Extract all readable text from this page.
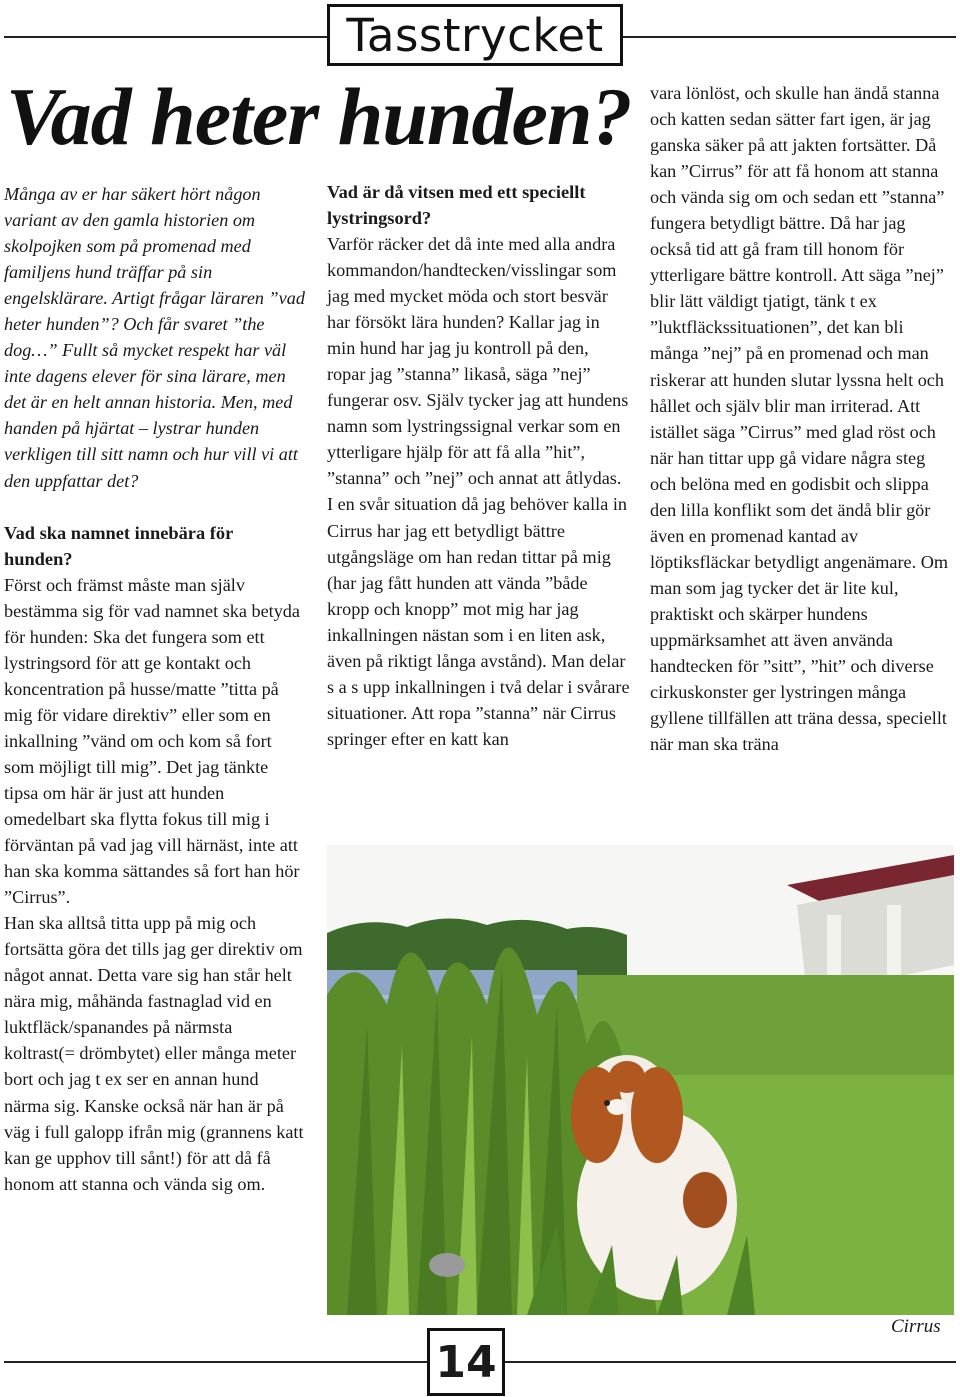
Tasstrycket
Vad heter hunden?

Många av er har säkert hört någon variant av den gamla historien om skolpojken som på promenad med familjens hund träffar på sin engelsklärare. Artigt frågar läraren ”vad heter hunden”? Och får svaret ”the dog…” Fullt så mycket respekt har väl inte dagens elever för sina lärare, men det är en helt annan historia. Men, med handen på hjärtat – lystrar hunden verkligen till sitt namn och hur vill vi att den uppfattar det?

Vad ska namnet innebära för hunden?

Först och främst måste man själv bestämma sig för vad namnet ska betyda för hunden: Ska det fungera som ett lystringsord för att ge kontakt och koncentration på husse/matte ”titta på mig för vidare direktiv” eller som en inkallning ”vänd om och kom så fort som möjligt till mig”. Det jag tänkte tipsa om här är just att hunden omedelbart ska flytta fokus till mig i förväntan på vad jag vill härnäst, inte att han ska komma sättandes så fort han hör ”Cirrus”.

Han ska alltså titta upp på mig och fortsätta göra det tills jag ger direktiv om något annat. Detta vare sig han står helt nära mig, måhända fastnaglad vid en luktfläck/spanandes på närmsta koltrast(= drömbytet) eller många meter bort och jag t ex ser en annan hund närma sig. Kanske också när han är på väg i full galopp ifrån mig (grannens katt kan ge upphov till sånt!) för att då få honom att stanna och vända sig om.

Vad är då vitsen med ett speciellt lystringsord?

Varför räcker det då inte med alla andra kommandon/handtecken/visslingar som jag med mycket möda och stort besvär har försökt lära hunden? Kallar jag in min hund har jag ju kontroll på den, ropar jag ”stanna” likaså, säga ”nej” fungerar osv. Själv tycker jag att hundens namn som lystringssignal verkar som en ytterligare hjälp för att få alla ”hit”, ”stanna” och ”nej” och annat att åtlydas. I en svår situation då jag behöver kalla in Cirrus har jag ett betydligt bättre utgångsläge om han redan tittar på mig (har jag fått hunden att vända ”både kropp och knopp” mot mig har jag inkallningen nästan som i en liten ask, även på riktigt långa avstånd). Man delar s a s upp inkallningen i två delar i svårare situationer. Att ropa ”stanna” när Cirrus springer efter en katt kan

vara lönlöst, och skulle han ändå stanna och katten sedan sätter fart igen, är jag ganska säker på att jakten fortsätter. Då kan ”Cirrus” för att få honom att stanna och vända sig om och sedan ett ”stanna” fungera betydligt bättre. Då har jag också tid att gå fram till honom för ytterligare bättre kontroll. Att säga ”nej” blir lätt väldigt tjatigt, tänk t ex ”luktfläckssituationen”, det kan bli många ”nej” på en promenad och man riskerar att hunden slutar lyssna helt och hållet och själv blir man irriterad. Att istället säga ”Cirrus” med glad röst och när han tittar upp gå vidare några steg och belöna med en godisbit och slippa den lilla konflikt som det ändå blir gör även en promenad kantad av löptiksfläckar betydligt angenämare. Om man som jag tycker det är lite kul, praktiskt och skärper hundens uppmärksamhet att även använda handtecken för ”sitt”, ”hit” och diverse cirkuskonster ger lystringen många gyllene tillfällen att träna dessa, speciellt när man ska träna

Cirrus
14
